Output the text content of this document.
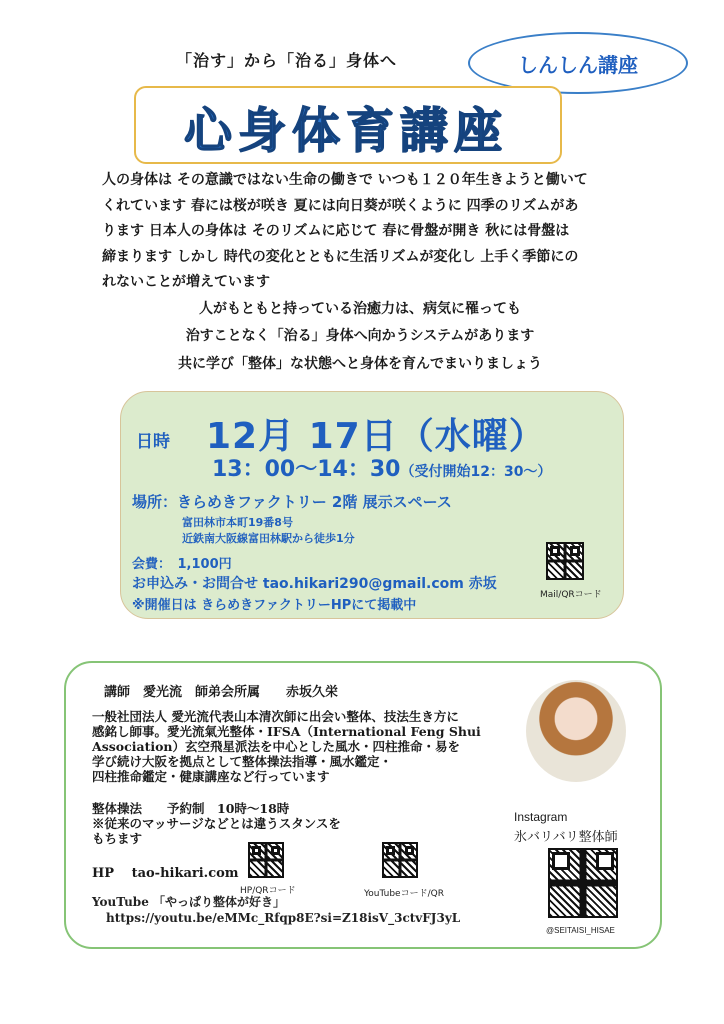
「治す」から「治る」身体へ	しんしん講座
心身体育講座

人の身体は その意識ではない生命の働きで いつも１２０年生きようと働いて

くれています 春には桜が咲き 夏には向日葵が咲くように 四季のリズムがあ

ります 日本人の身体は そのリズムに応じて 春に骨盤が開き 秋には骨盤は

締まります しかし 時代の変化とともに生活リズムが変化し 上手く季節にの

れないことが増えています

人がもともと持っている治癒力は、病気に罹っても
治すことなく「治る」身体へ向かうシステムがあります
共に学び「整体」な状態へと身体を育んでまいりましょう
日時 12月 17日（水曜）
13：00～14：30（受付開始12：30～）
場所：きらめきファクトリー 2階 展示スペース
富田林市本町19番8号
近鉄南大阪線富田林駅から徒歩1分
会費：　1,100円
お申込み・お問合せ tao.hikari290@gmail.com 赤坂
※開催日は きらめきファクトリーHPにて掲載中
Mail/QRコード
講師　愛光流　師弟会所属　　赤坂久栄

一般社団法人 愛光流代表山本清次師に出会い整体、技法生き方に

感銘し師事。愛光流氣光整体・IFSA（International Feng Shui

Association）玄空飛星派法を中心とした風水・四柱推命・易を

学び続け大阪を拠点として整体操法指導・風水鑑定・

四柱推命鑑定・健康講座など行っています

整体操法　　予約制　10時～18時
※従来のマッサージなどとは違うスタンスを
もちます
HP　 tao-hikari.com
HP/QRコード	YouTubeコード/QR
YouTube 「やっぱり整体が好き」
https://youtu.be/eMMc_Rfqp8E?si=Z18isV_3ctvFJ3yL
Instagram
氷バリバリ整体師
@SEITAISI_HISAE
